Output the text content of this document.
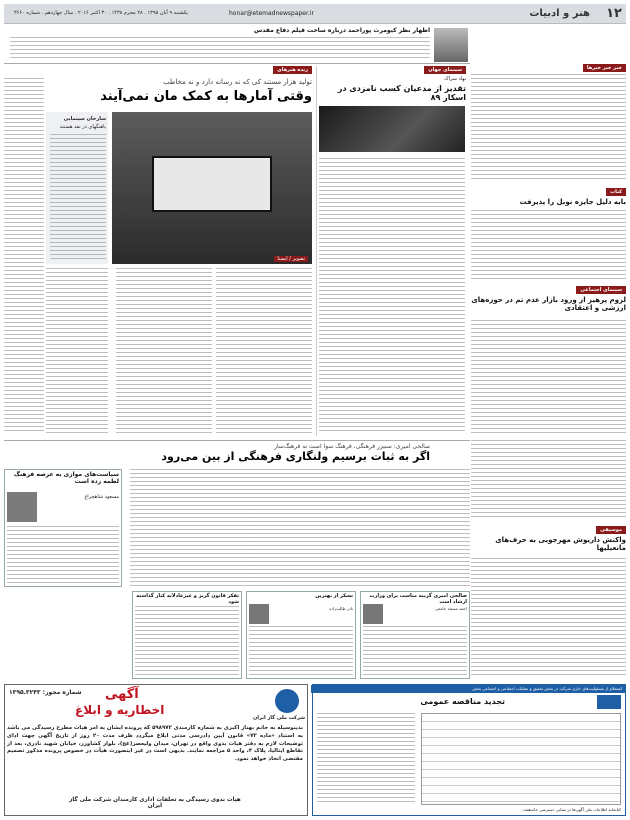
۱۲
هنر و ادبیات
honar@etemadnewspaper.ir
یکشنبه ۹ آبان ۱۳۹۵ . ۲۸ محرم ۱۴۳۸ . ۳۰ اکتبر ۲۰۱۶ . سال چهاردهم . شماره ۳۶۶۰
اظهار نظر کیومرث پوراحمد درباره ساخت فیلم دفاع مقدس
خبر خبر خبرها
کتاب
بابه دلیل جایزه نوبل را پذیرفت
سینمای اجتماعی
لزوم پرهیز از ورود بازار عدم تم در حوزه‌های ارزشی و اعتقادی
سینمای جهان
نهاد سراک
تقدیر از مدعیان کسب نامزدی در اسکار ۸۹
زنده هنرهای
تولید هزار مستند کی که نه رسانه دارد و نه مخاطب
وقتی آمارها به کمک مان نمی‌آیند
تصویر / ایسنا
سارخان سینمایی
پاهنگهای در نقد هستند
صالحی امیری: سنیزر فرهنگی، فرهنگ سوا است نه فرهنگ‌ساز
اگر به ثبات برسیم ولنگاری فرهنگی از بین می‌رود
سیاست‌های موازی به عرصه فرهنگ لطمه زده است
مسعود شاهچراغ
صالحی امیری گزینه مناسب برای وزارت ارشاد است
احمد مسجد جامعی
تشکر از بهترین
نادر طالب‌زاده
تفکر قانون گریز و غیرعادلانه کنار گذاشته شود
موسیقی
واکنش داریوش مهرجویی به حرف‌های مانعیلیها
آگهی
اخطاریه و ابلاغ
شماره مجوز: ۱۳۹۵.۳۲۴۳
شرکت ملی گاز ایران
بدینوسیله به خانم بهناز اکبری به شماره کارمندی ۵۹۸۹۷۲ که پرونده ایشان به امر هیات مطرح رسیدگی می باشد به استناد «ماده ۷۳» قانون آیین دادرسی مدنی ابلاغ میگردد ظرف مدت ۲۰ روز از تاریخ آگهی جهت ادای توضیحات لازم به دفتر هیات بدوی واقع در تهران، میدان ولیعصر(عج)، بلوار کشاورز، خیابان شهید نادری، بعد از تقاطع ایتالیا، پلاک ۴، واحد ۵ مراجعه نمایند. بدیهی است در غیر اینصورت هیأت در خصوص پرونده مذکور تصمیم مقتضی اتخاذ خواهد نمود.
هیات بدوی رسیدگی به تخلفات اداری کارمندان شرکت ملی گاز ایران
استعلام از مسئولیت‌های جاری شرکت در بخش تحقیق و عملیات اجتماعی و اجتماعی بخش
تجدید مناقصه عمومی
کتابخانه اطلاعات ملی آگهی‌ها در نشانی دسترسی خاندهشد.
